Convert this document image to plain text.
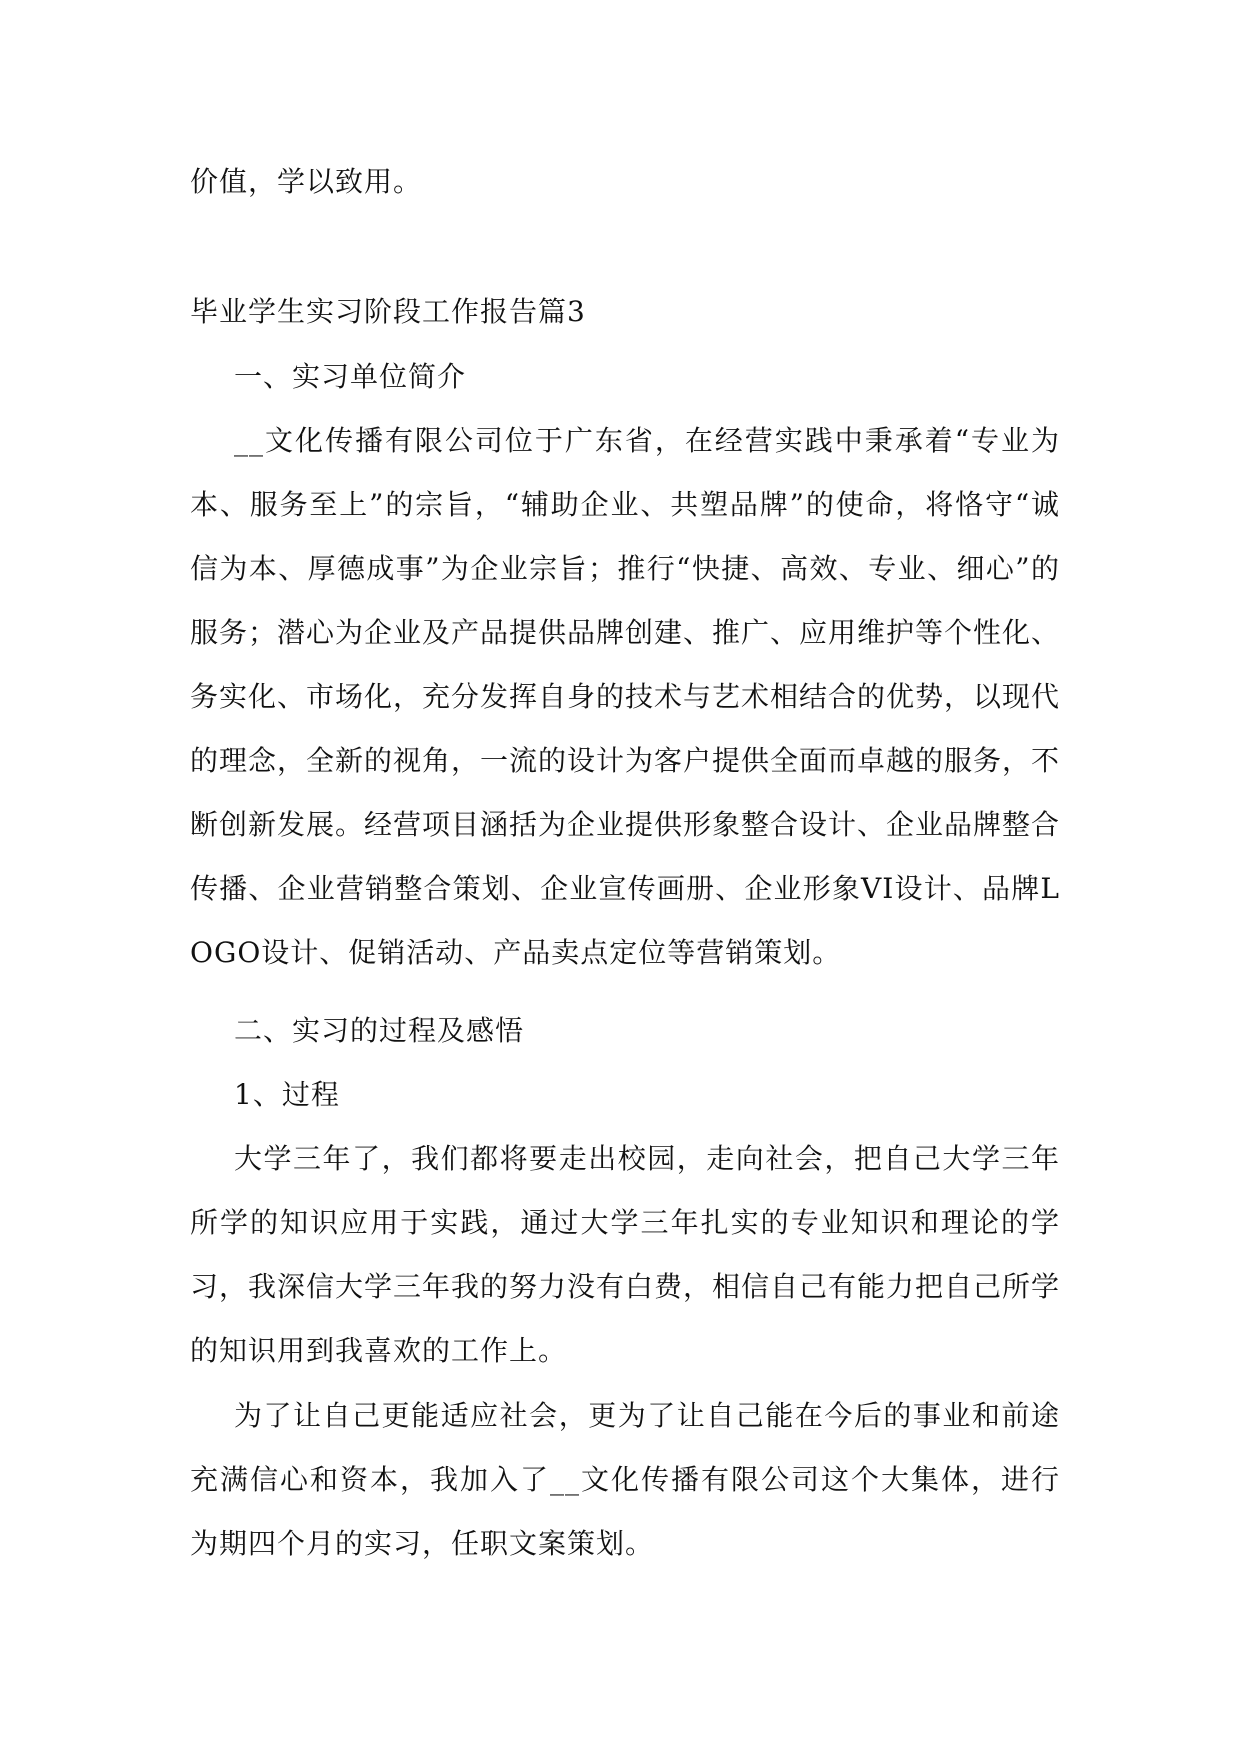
价值，学以致用。

毕业学生实习阶段工作报告篇3

一、实习单位简介

__文化传播有限公司位于广东省，在经营实践中秉承着“专业为本、服务至上”的宗旨，“辅助企业、共塑品牌”的使命，将恪守“诚信为本、厚德成事”为企业宗旨；推行“快捷、高效、专业、细心”的服务；潜心为企业及产品提供品牌创建、推广、应用维护等个性化、务实化、市场化，充分发挥自身的技术与艺术相结合的优势，以现代的理念，全新的视角，一流的设计为客户提供全面而卓越的服务，不断创新发展。经营项目涵括为企业提供形象整合设计、企业品牌整合传播、企业营销整合策划、企业宣传画册、企业形象VI设计、品牌LOGO设计、促销活动、产品卖点定位等营销策划。

二、实习的过程及感悟

1、过程

大学三年了，我们都将要走出校园，走向社会，把自己大学三年所学的知识应用于实践，通过大学三年扎实的专业知识和理论的学习，我深信大学三年我的努力没有白费，相信自己有能力把自己所学的知识用到我喜欢的工作上。

为了让自己更能适应社会，更为了让自己能在今后的事业和前途充满信心和资本，我加入了__文化传播有限公司这个大集体，进行为期四个月的实习，任职文案策划。
